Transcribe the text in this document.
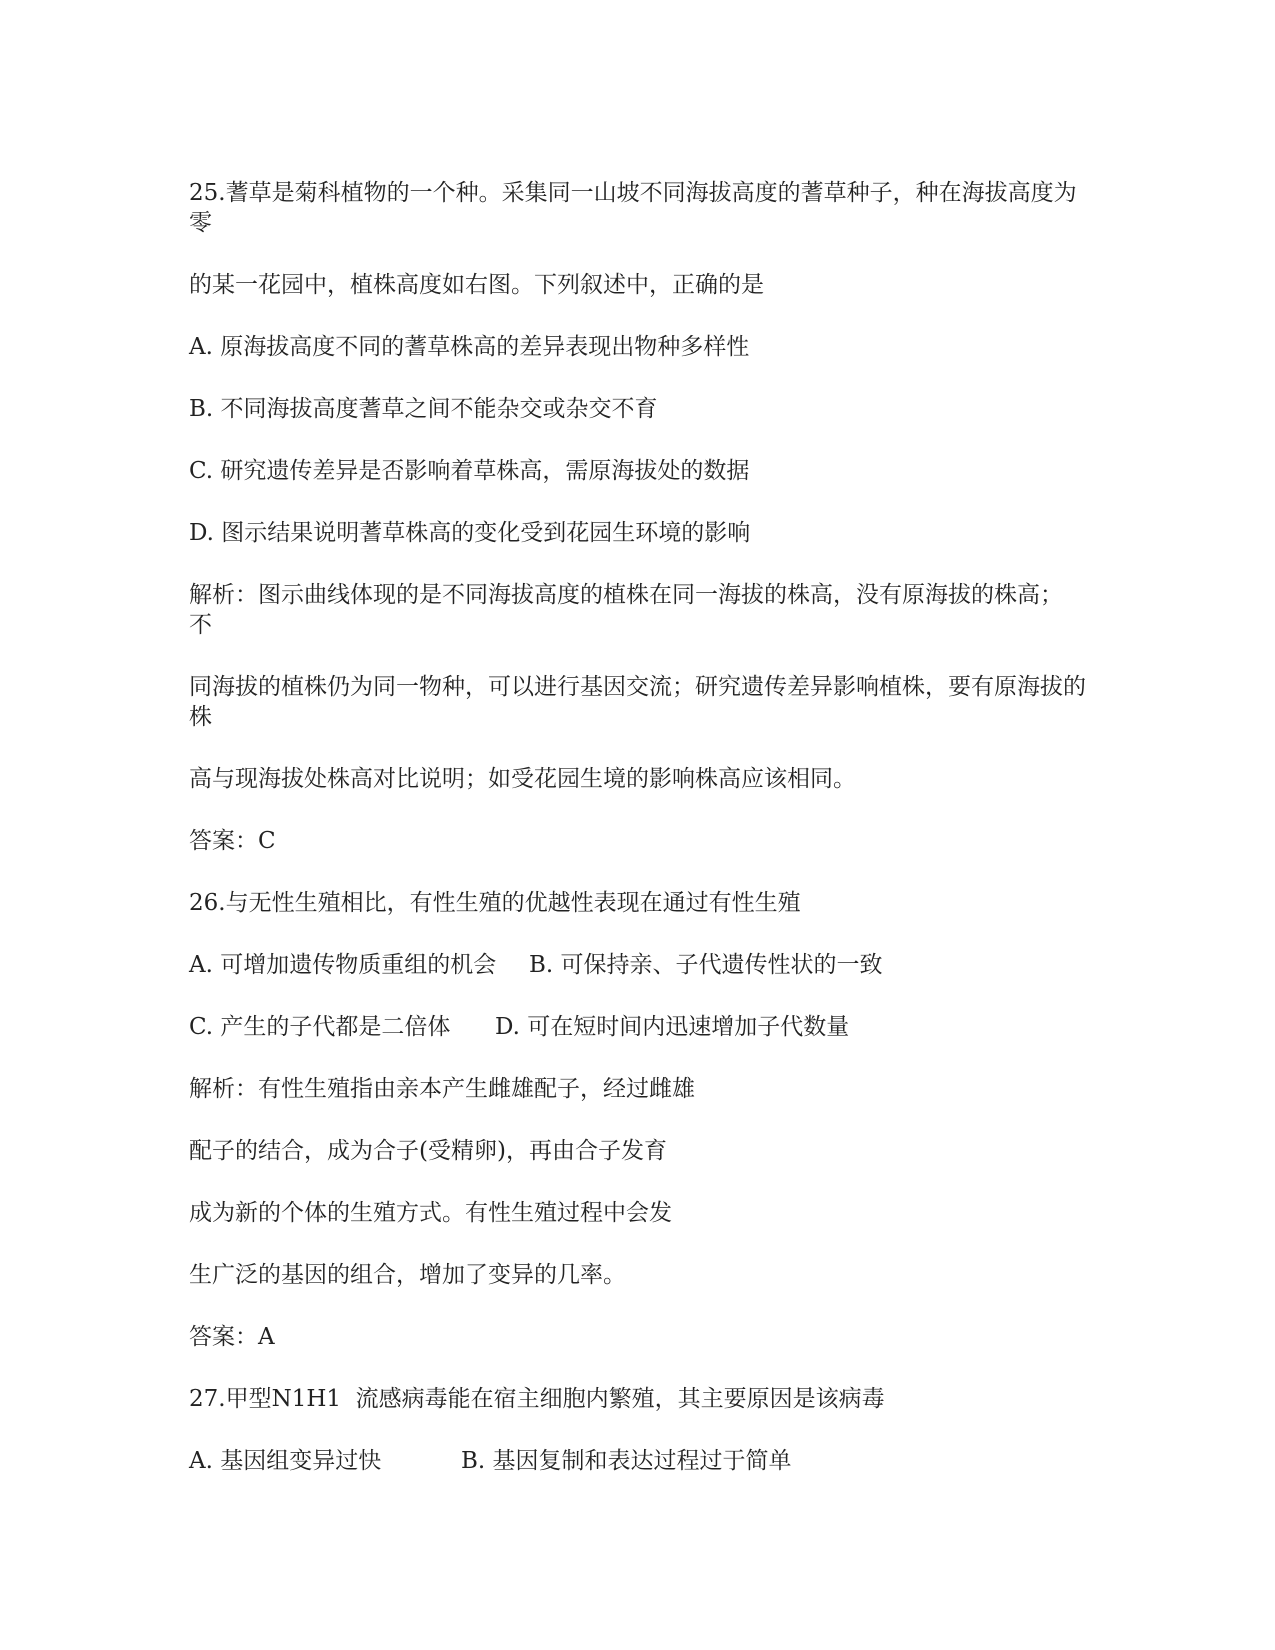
25.蓍草是菊科植物的一个种。采集同一山坡不同海拔高度的蓍草种子，种在海拔高度为零
的某一花园中，植株高度如右图。下列叙述中，正确的是
A. 原海拔高度不同的蓍草株高的差异表现出物种多样性
B. 不同海拔高度蓍草之间不能杂交或杂交不育
C. 研究遗传差异是否影响着草株高，需原海拔处的数据
D. 图示结果说明蓍草株高的变化受到花园生环境的影响
解析：图示曲线体现的是不同海拔高度的植株在同一海拔的株高，没有原海拔的株高；  不
同海拔的植株仍为同一物种，可以进行基因交流；研究遗传差异影响植株，要有原海拔的株
高与现海拔处株高对比说明；如受花园生境的影响株高应该相同。
答案：C
26.与无性生殖相比，有性生殖的优越性表现在通过有性生殖
A. 可增加遗传物质重组的机会	B. 可保持亲、子代遗传性状的一致
C. 产生的子代都是二倍体	D. 可在短时间内迅速增加子代数量
解析：有性生殖指由亲本产生雌雄配子，经过雌雄
配子的结合，成为合子(受精卵)，再由合子发育
成为新的个体的生殖方式。有性生殖过程中会发
生广泛的基因的组合，增加了变异的几率。
答案：A
27.甲型N1H1  流感病毒能在宿主细胞内繁殖，其主要原因是该病毒
A. 基因组变异过快	B. 基因复制和表达过程过于简单
